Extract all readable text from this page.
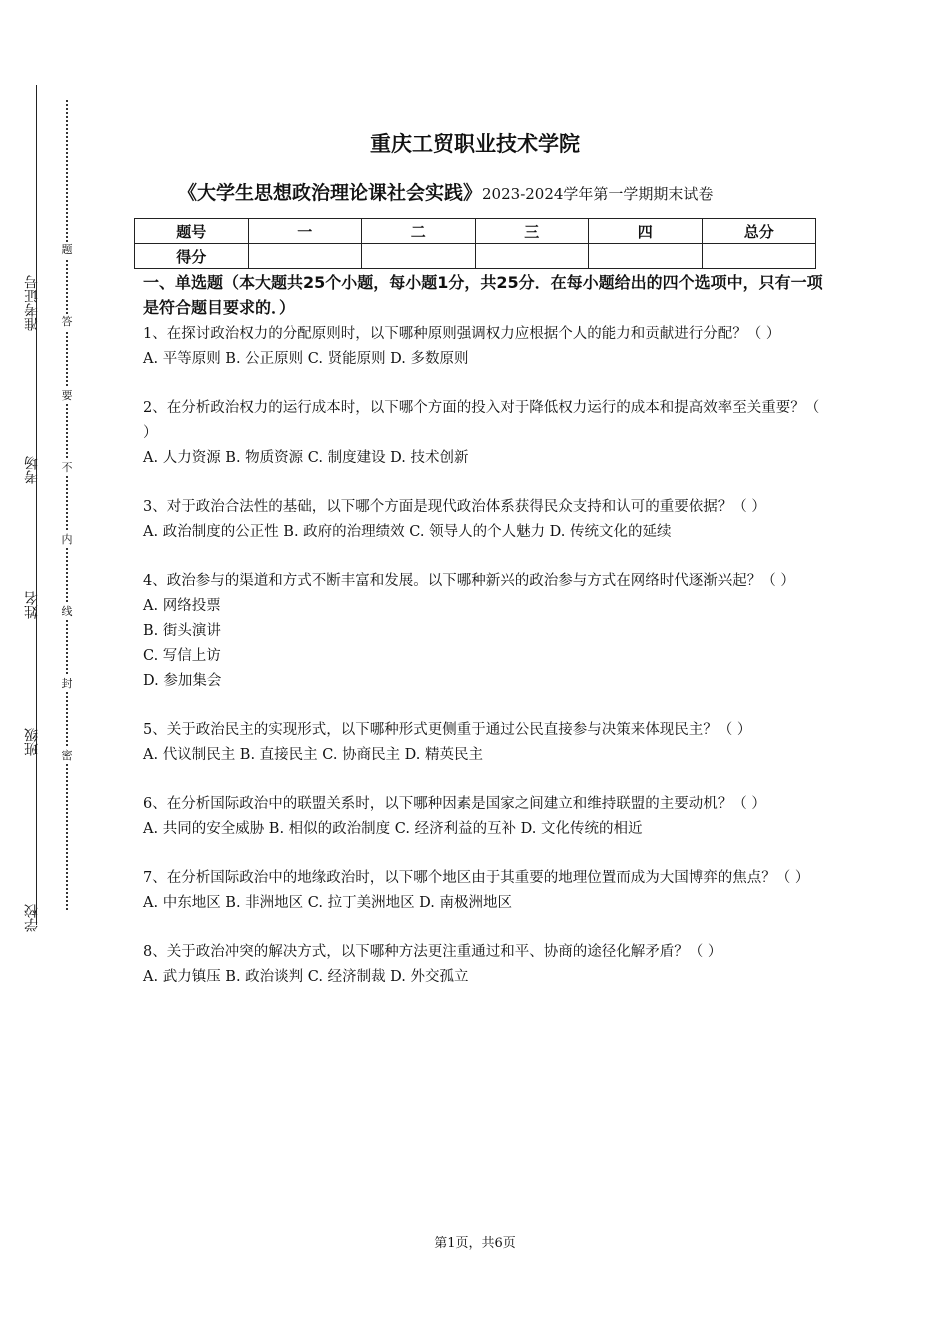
准考证号
考场
姓名
班级
学校
题
答
要
不
内
线
封
密
重庆工贸职业技术学院
《大学生思想政治理论课社会实践》2023-2024学年第一学期期末试卷
题号	一	二	三	四	总分
得分					

一、单选题（本大题共25个小题，每小题1分，共25分．在每小题给出的四个选项中，只有一项是符合题目要求的．）

1、在探讨政治权力的分配原则时，以下哪种原则强调权力应根据个人的能力和贡献进行分配？（ ）
A. 平等原则 B. 公正原则 C. 贤能原则 D. 多数原则
2、在分析政治权力的运行成本时，以下哪个方面的投入对于降低权力运行的成本和提高效率至关重要？（ ）
A. 人力资源 B. 物质资源 C. 制度建设 D. 技术创新
3、对于政治合法性的基础，以下哪个方面是现代政治体系获得民众支持和认可的重要依据？（ ）
A. 政治制度的公正性 B. 政府的治理绩效 C. 领导人的个人魅力 D. 传统文化的延续
4、政治参与的渠道和方式不断丰富和发展。以下哪种新兴的政治参与方式在网络时代逐渐兴起？（ ）
A. 网络投票
B. 街头演讲
C. 写信上访
D. 参加集会
5、关于政治民主的实现形式，以下哪种形式更侧重于通过公民直接参与决策来体现民主？（ ）
A. 代议制民主 B. 直接民主 C. 协商民主 D. 精英民主
6、在分析国际政治中的联盟关系时，以下哪种因素是国家之间建立和维持联盟的主要动机？（ ）
A. 共同的安全威胁 B. 相似的政治制度 C. 经济利益的互补 D. 文化传统的相近
7、在分析国际政治中的地缘政治时，以下哪个地区由于其重要的地理位置而成为大国博弈的焦点？（ ）
A. 中东地区 B. 非洲地区 C. 拉丁美洲地区 D. 南极洲地区
8、关于政治冲突的解决方式，以下哪种方法更注重通过和平、协商的途径化解矛盾？（ ）
A. 武力镇压 B. 政治谈判 C. 经济制裁 D. 外交孤立
第1页，共6页
